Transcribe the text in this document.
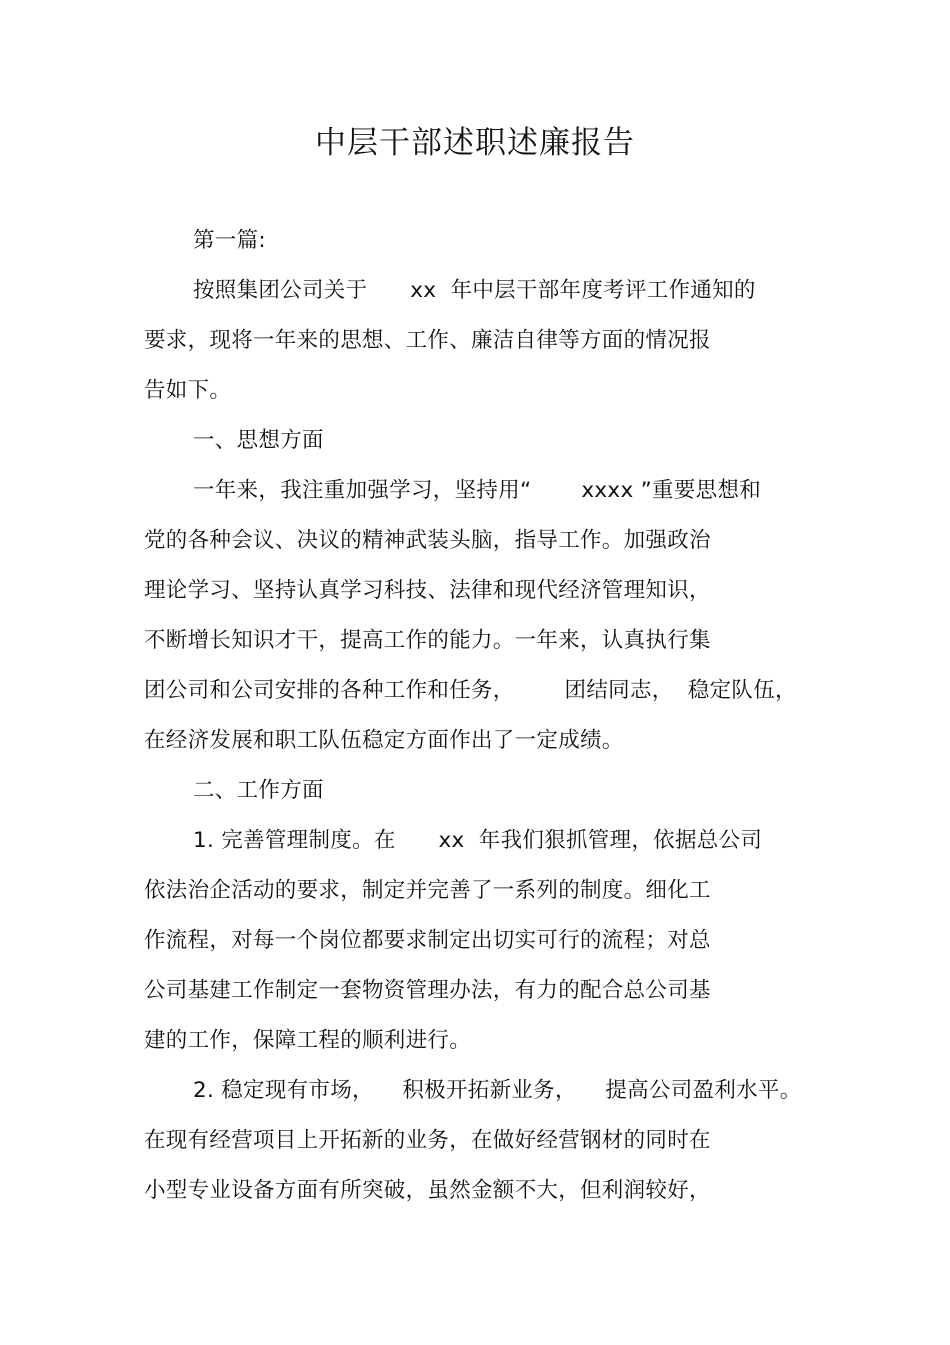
中层干部述职述廉报告
第一篇:
按照集团公司关于      xx  年中层干部年度考评工作通知的
要求，现将一年来的思想、工作、廉洁自律等方面的情况报
告如下。
一、思想方面
一年来，我注重加强学习，坚持用“       xxxx ”重要思想和
党的各种会议、决议的精神武装头脑，指导工作。加强政治
理论学习、坚持认真学习科技、法律和现代经济管理知识，
不断增长知识才干，提高工作的能力。一年来，认真执行集
团公司和公司安排的各种工作和任务，       团结同志，  稳定队伍，
在经济发展和职工队伍稳定方面作出了一定成绩。
二、工作方面
1. 完善管理制度。在      xx  年我们狠抓管理，依据总公司
依法治企活动的要求，制定并完善了一系列的制度。细化工
作流程，对每一个岗位都要求制定出切实可行的流程；对总
公司基建工作制定一套物资管理办法，有力的配合总公司基
建的工作，保障工程的顺利进行。
2. 稳定现有市场，    积极开拓新业务，    提高公司盈利水平。
在现有经营项目上开拓新的业务，在做好经营钢材的同时在
小型专业设备方面有所突破，虽然金额不大，但利润较好，
